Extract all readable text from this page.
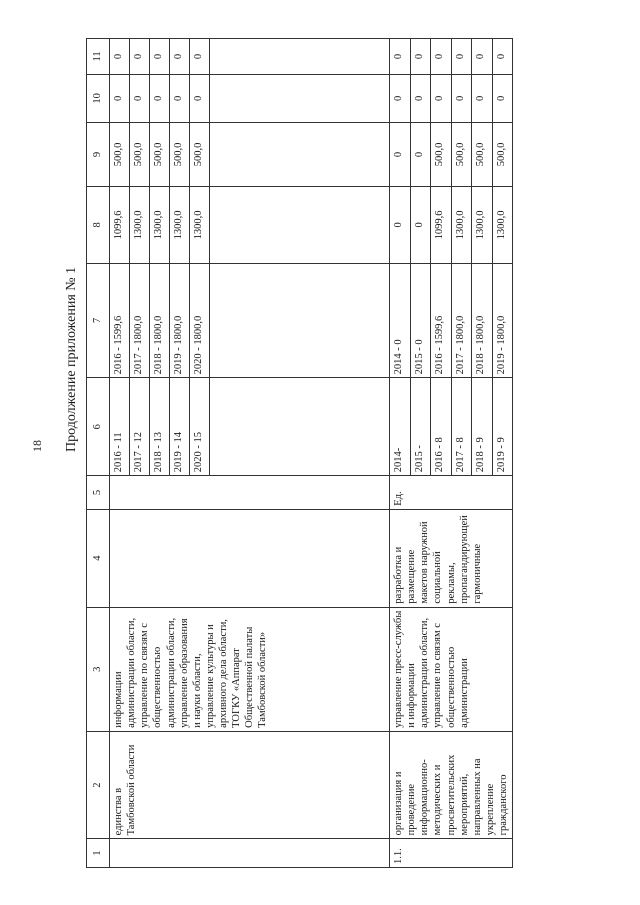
18 Продолжение приложения № 1
1	2	3	4	5	6	7	8	9	10	11
	единства в Тамбовской области	информации администрации области, управление по связям с общественностью администрации области, управление образования и науки области, управление культуры и архивного дела области, ТОГКУ «Аппарат Общественной палаты Тамбовской области»			2016 - 11	2016 - 1599,6	1099,6	500,0	0	0
					2017 - 12	2017 - 1800,0	1300,0	500,0	0	0
					2018 - 13	2018 - 1800,0	1300,0	500,0	0	0
					2019 - 14	2019 - 1800,0	1300,0	500,0	0	0
					2020 - 15	2020 - 1800,0	1300,0	500,0	0	0

1.1.	организация и проведение информационно-методических и просветительских мероприятий, направленных на укрепление гражданского	управление пресс-службы и информации администрации области, управление по связям с общественностью администрации	разработка и размещение макетов наружной социальной рекламы, пропагандирующей гармоничные	Ед.	2014-	2014 - 0	0	0	0	0
					2015 -	2015 - 0	0	0	0	0
					2016 - 8	2016 - 1599,6	1099,6	500,0	0	0
					2017 - 8	2017 - 1800,0	1300,0	500,0	0	0
					2018 - 9	2018 - 1800,0	1300,0	500,0	0	0
					2019 - 9	2019 - 1800,0	1300,0	500,0	0	0
